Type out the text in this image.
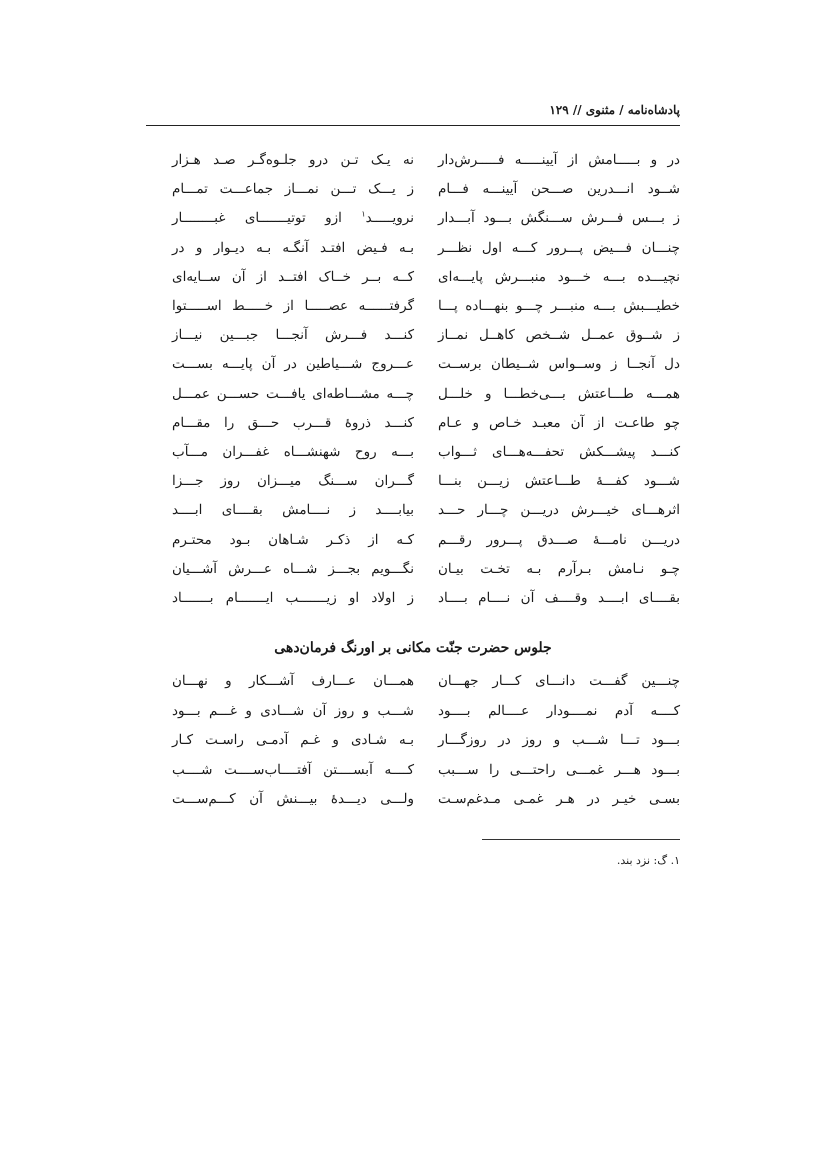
پادشاه‌نامه / مثنوی // ۱۲۹
در و بـــــامش از آیینـــــه فـــــرش‌دار
نه یـک تـن درو جلـوه‌گـر صـد هـزار
شــود انـــدرین صـــحن آیینـــه فـــام
ز یـــک تـــن نمـــاز جماعـــت تمـــام
ز بـــس فـــرش ســـنگش بـــود آبـــدار
نرویـــــد$^۱$ ازو توتیـــــــای غبــــــــار
چنـــان فـــیض پـــرور کـــه اول نظـــر
بـه فـیض افتـد آنگـه بـه دیـوار و در
نچیـــده بـــه خـــود منبـــرش پایـــه‌ای
کــه بــر خــاک افتــد از آن ســایه‌ای
خطیـــبش بـــه منبـــر چـــو بنهـــاده پـــا
گرفتــــــه عصـــــا از خـــــط اســـــتوا
ز شــوق عمــل شــخص کاهــل نمــاز
کنـــد فـــرش آنجـــا جبـــین نیـــاز
دل آنجــا ز وســواس شــیطان برســت
عـــروج شـــیاطین در آن پایـــه بســـت
همـــه طـــاعتش بـــی‌خطـــا و خلـــل
چـــه مشـــاطه‌ای یافـــت حســـن عمـــل
چو طاعـت از آن معبـد خـاص و عـام
کنـــد ذروۀ قـــرب حـــق را مقـــام
کنـــد پیشـــکش تحفـــه‌هـــای ثـــواب
بـــه روح شهنشـــاه غفـــران مـــآب
شـــود کفـــۀ طـــاعتش زیـــن بنـــا
گـــران ســـنگ میـــزان روز جـــزا
اثرهـــای خیـــرش دریـــن چـــار حـــد
بیابــــد ز نــــامش بقــــای ابــــد
دریـــن نامـــۀ صـــدق پـــرور رقـــم
کـه از ذکـر شـاهان بـود محتـرم
چـو نـامش بـرآرم بـه تخـت بیـان
نگـــویم بجـــز شـــاه عـــرش آشـــیان
بقــــای ابــــد وقــــف آن نــــام بــــاد
ز اولاد او زیـــــــب ایـــــــام بـــــــاد
جلوس حضرت جنّت مکانی بر اورنگ فرمان‌دهی
چنـــین گفـــت دانـــای کـــار جهـــان
همـــان عـــارف آشـــکار و نهـــان
کــــه آدم نمــــودار عــــالم بــــود
شـــب و روز آن شـــادی و غـــم بـــود
بـــود تـــا شـــب و روز در روزگـــار
بـه شـادی و غـم آدمـی راسـت کـار
بـــود هـــر غمـــی راحتـــی را ســـبب
کــــه آبســــتن آفتــــاب‌ســــت شــــب
بسـی خیـر در هـر غمـی مـدغم‌سـت
ولـــی دیـــدۀ بیـــنش آن کـــم‌ســـت
۱. گ: نزد بند.
